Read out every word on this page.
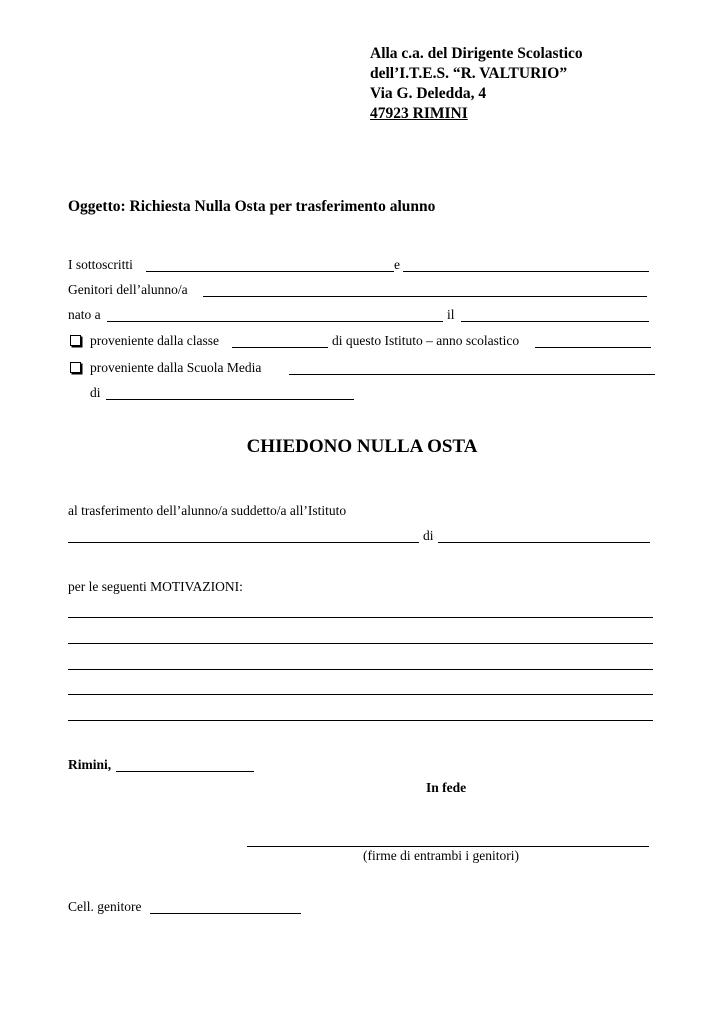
Alla c.a. del Dirigente Scolastico
dell’I.T.E.S. “R. VALTURIO”
Via G. Deledda, 4
47923 RIMINI
Oggetto: Richiesta Nulla Osta per trasferimento alunno
I sottoscritti	e
Genitori dell’alunno/a
nato a	il
proveniente dalla classe	di questo Istituto – anno scolastico
proveniente dalla Scuola Media
di
CHIEDONO NULLA OSTA
al trasferimento dell’alunno/a suddetto/a all’Istituto
di
per le seguenti MOTIVAZIONI:
Rimini,
In fede
(firme di entrambi i genitori)
Cell. genitore
